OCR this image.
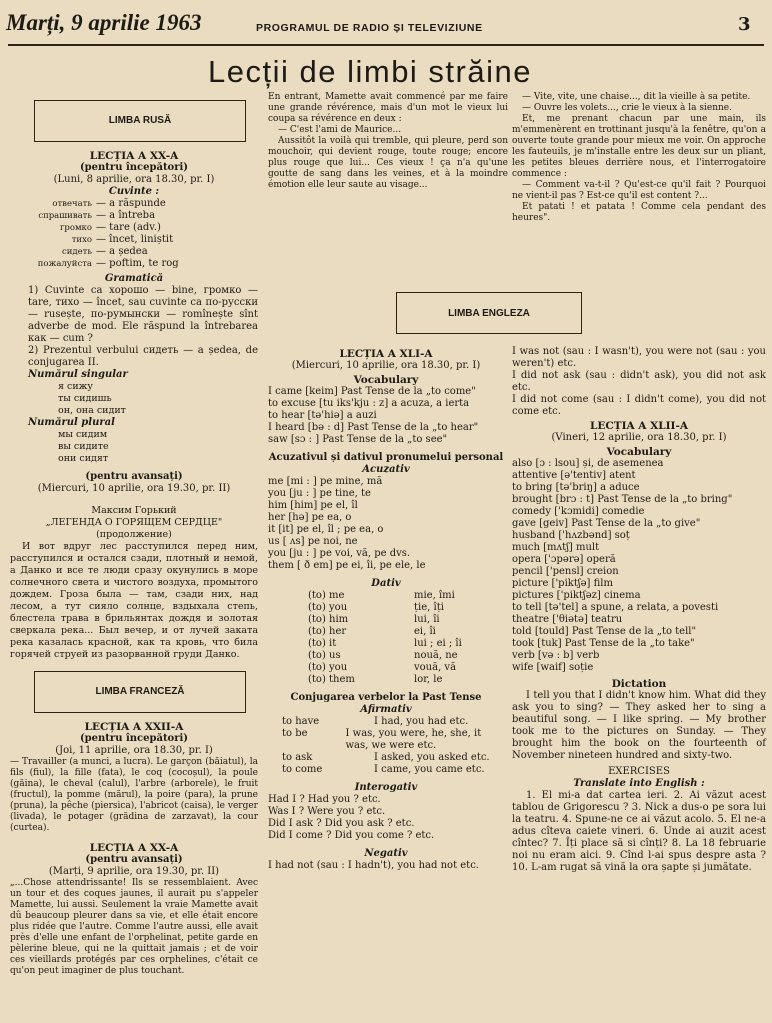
Marți, 9 aprilie 1963	PROGRAMUL DE RADIO ȘI TELEVIZIUNE	3
Lecții de limbi străine
LIMBA RUSĂ
LECȚIA A XX-A
(pentru începători)
(Luni, 8 aprilie, ora 18.30, pr. I)
Cuvinte :
отвечать — a răspunde
спрашивать — a întreba
громко — tare (adv.)
тихо — încet, liniștit
сидеть — a ședea
пожалуйста — poftim, te rog
Gramatică

1) Cuvinte ca хорошо — bine, громко — tare, тихо — încet, sau cuvinte ca по-русски — rusește, по-румынски — romînește sînt adverbe de mod. Ele răspund la întrebarea как — cum ?

2) Prezentul verbului сидеть — a ședea, de conjugarea II.

Numărul singular
я сижу
ты сидишь
он, она сидит
Numărul plural
мы сидим
вы сидите
они сидят
(pentru avansați)
(Miercuri, 10 aprilie, ora 19.30, pr. II)
Максим Горький
„ЛЕГЕНДА О ГОРЯЩЕМ СЕРДЦЕ"
(продолжение)

И вот вдруг лес расступился перед ним, расступился и остался сзади, плотный и немой, а Данко и все те люди сразу окунулись в море солнечного света и чистого воздуха, промытого дождем. Гроза была — там, сзади них, над лесом, а тут сияло солнце, вздыхала степь, блестела трава в брильянтах дождя и золотая сверкала река... Был вечер, и от лучей заката река казалась красной, как та кровь, что била горячей струей из разорванной груди Данко.

LIMBA FRANCEZĂ
LECȚIA A XXII-A
(pentru începători)
(Joi, 11 aprilie, ora 18.30, pr. I)

— Travailler (a munci, a lucra). Le garçon (băiatul), la fils (fiul), la fille (fata), le coq (cocoșul), la poule (găina), le cheval (calul), l'arbre (arborele), le fruit (fructul), la pomme (mărul), la poire (para), la prune (pruna), la pêche (piersica), l'abricot (caisa), le verger (livada), le potager (grădina de zarzavat), la cour (curtea).

LECȚIA A XX-A
(pentru avansați)
(Marți, 9 aprilie, ora 19.30, pr. II)

„...Chose attendrissante! Ils se ressemblaient. Avec un tour et des coques jaunes, il aurait pu s'appeler Mamette, lui aussi. Seulement la vraie Mamette avait dû beaucoup pleurer dans sa vie, et elle était encore plus ridée que l'autre. Comme l'autre aussi, elle avait près d'elle une enfant de l'orphelinat, petite garde en pèlerine bleue, qui ne la quittait jamais ; et de voir ces vieillards protégés par ces orphelines, c'était ce qu'on peut imaginer de plus touchant.

En entrant, Mamette avait commencé par me faire une grande révérence, mais d'un mot le vieux lui coupa sa révérence en deux :

— C'est l'ami de Maurice...

Aussitôt la voilà qui tremble, qui pleure, perd son mouchoir, qui devient rouge, toute rouge; encore plus rouge que lui... Ces vieux ! ça n'a qu'une goutte de sang dans les veines, et à la moindre émotion elle leur saute au visage...

— Vite, vite, une chaise..., dit la vieille à sa petite.

— Ouvre les volets..., crie le vieux à la sienne.

Et, me prenant chacun par une main, ils m'emmenèrent en trottinant jusqu'à la fenêtre, qu'on a ouverte toute grande pour mieux me voir. On approche les fauteuils, je m'installe entre les deux sur un pliant, les petites bleues derrière nous, et l'interrogatoire commence :

— Comment va-t-il ? Qu'est-ce qu'il fait ? Pourquoi ne vient-il pas ? Est-ce qu'il est content ?...

Et patati ! et patata ! Comme cela pendant des heures".

LIMBA ENGLEZA
LECȚIA A XLI-A
(Miercuri, 10 aprilie, ora 18.30, pr. I)
Vocabulary

I came [keim] Past Tense de la „to come"

to excuse [tu iks'kju : z] a acuza, a ierta

to hear [tə'hiə] a auzi

I heard [bə : d] Past Tense de la „to hear"

saw [sɔ : ] Past Tense de la „to see"

Acuzativul și dativul pronumelui personal
Acuzativ
me [mi : ] pe mine, mă
you [ju : ] pe tine, te
him [him] pe el, îl
her [hə] pe ea, o
it [it] pe el, îl ; pe ea, o
us [ ʌs] pe noi, ne
you [ju : ] pe voi, vă, pe dvs.
them [ ð em] pe ei, îi, pe ele, le
Dativ
(to) me	mie, îmi
(to) you	ție, îți
(to) him	lui, îi
(to) her	ei, îi
(to) it	lui ; ei ; îi
(to) us	nouă, ne
(to) you	vouă, vă
(to) them	lor, le
Conjugarea verbelor la Past Tense
Afirmativ
to have	I had, you had etc.
to be	I was, you were, he, she, it was, we were etc.
to ask	I asked, you asked etc.
to come	I came, you came etc.
Interogativ
Had I ? Had you ? etc.
Was I ? Were you ? etc.
Did I ask ? Did you ask ? etc.
Did I come ? Did you come ? etc.
Negativ

I had not (sau : I hadn't), you had not etc.

I was not (sau : I wasn't), you were not (sau : you weren't) etc.

I did not ask (sau : didn't ask), you did not ask etc.

I did not come (sau : I didn't come), you did not come etc.

LECȚIA A XLII-A
(Vineri, 12 aprilie, ora 18.30, pr. I)
Vocabulary
also [ɔ : lsou] și, de asemenea
attentive [ə'tentiv] atent
to bring [tə'briŋ] a aduce
brought [brɔ : t] Past Tense de la „to bring"
comedy ['kɔmidi] comedie
gave [geiv] Past Tense de la „to give"
husband ['hʌzbənd] soț
much [mʌtʃ] mult
opera ['ɔpərə] operă
pencil ['pensl] creion
picture ['piktʃə] film
pictures ['piktʃəz] cinema
to tell [tə'tel] a spune, a relata, a povesti
theatre ['θiətə] teatru
told [tould] Past Tense de la „to tell"
took [tuk] Past Tense de la „to take"
verb [və : b] verb
wife [waif] soție
Dictation

I tell you that I didn't know him. What did they ask you to sing? — They asked her to sing a beautiful song. — I like spring. — My brother took me to the pictures on Sunday. — They brought him the book on the fourteenth of November nineteen hundred and sixty-two.

EXERCISES
Translate into English :

1. El mi-a dat cartea ieri. 2. Ai văzut acest tablou de Grigorescu ? 3. Nick a dus-o pe sora lui la teatru. 4. Spune-ne ce ai văzut acolo. 5. El ne-a adus cîteva caiete vineri. 6. Unde ai auzit acest cîntec? 7. Îți place să si cînți? 8. La 18 februarie noi nu eram aici. 9. Cînd l-ai spus despre asta ? 10. L-am rugat să vină la ora șapte și jumătate.
